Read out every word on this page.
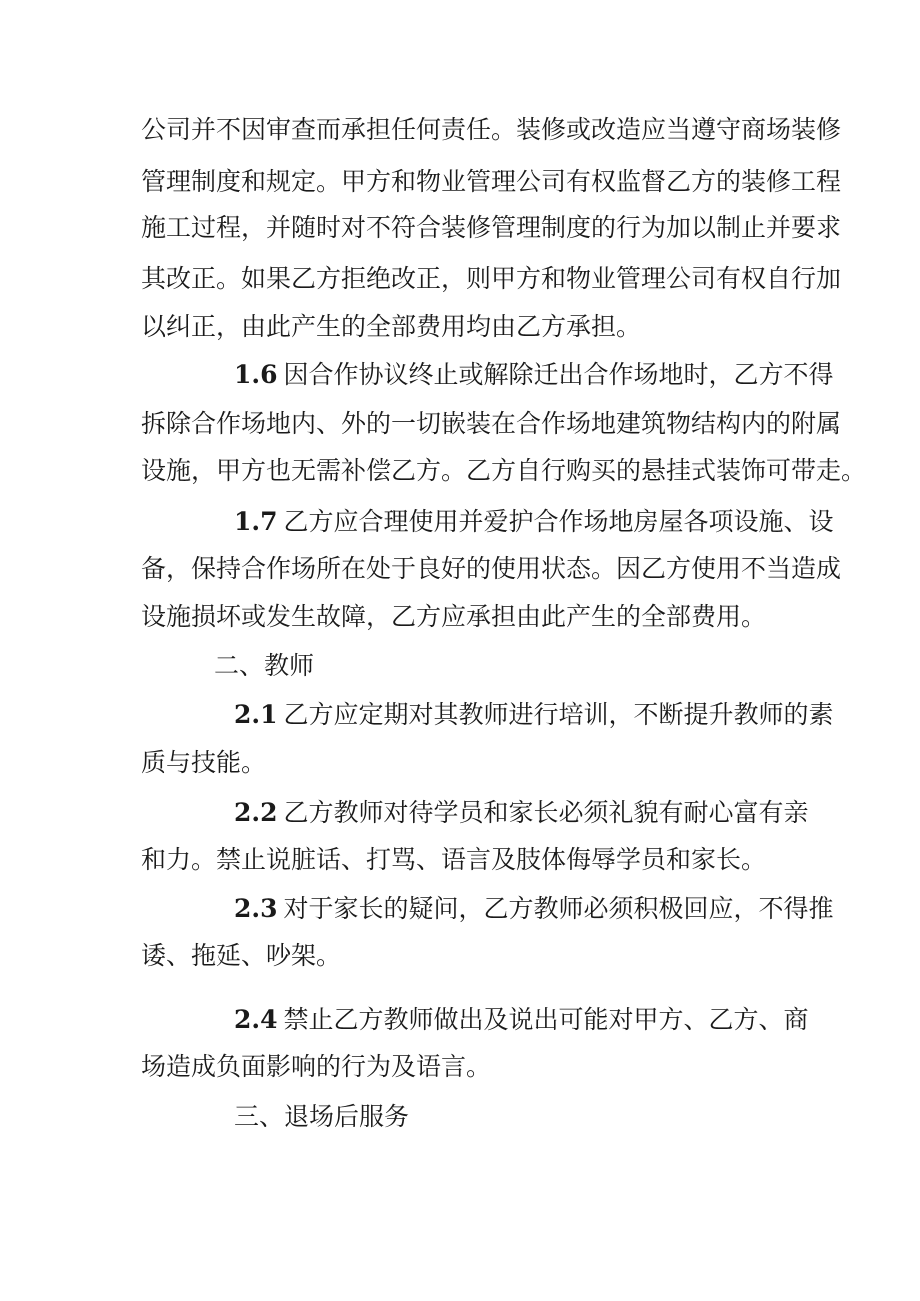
公司并不因审查而承担任何责任。装修或改造应当遵守商场装修
管理制度和规定。甲方和物业管理公司有权监督乙方的装修工程
施工过程，并随时对不符合装修管理制度的行为加以制止并要求
其改正。如果乙方拒绝改正，则甲方和物业管理公司有权自行加
以纠正，由此产生的全部费用均由乙方承担。
1.6 因合作协议终止或解除迁出合作场地时，乙方不得
拆除合作场地内、外的一切嵌装在合作场地建筑物结构内的附属
设施，甲方也无需补偿乙方。乙方自行购买的悬挂式装饰可带走。
1.7 乙方应合理使用并爱护合作场地房屋各项设施、设
备，保持合作场所在处于良好的使用状态。因乙方使用不当造成
设施损坏或发生故障，乙方应承担由此产生的全部费用。
二、教师
2.1 乙方应定期对其教师进行培训，不断提升教师的素
质与技能。
2.2 乙方教师对待学员和家长必须礼貌有耐心富有亲
和力。禁止说脏话、打骂、语言及肢体侮辱学员和家长。
2.3 对于家长的疑问，乙方教师必须积极回应，不得推
诿、拖延、吵架。
2.4 禁止乙方教师做出及说出可能对甲方、乙方、商
场造成负面影响的行为及语言。
三、退场后服务
